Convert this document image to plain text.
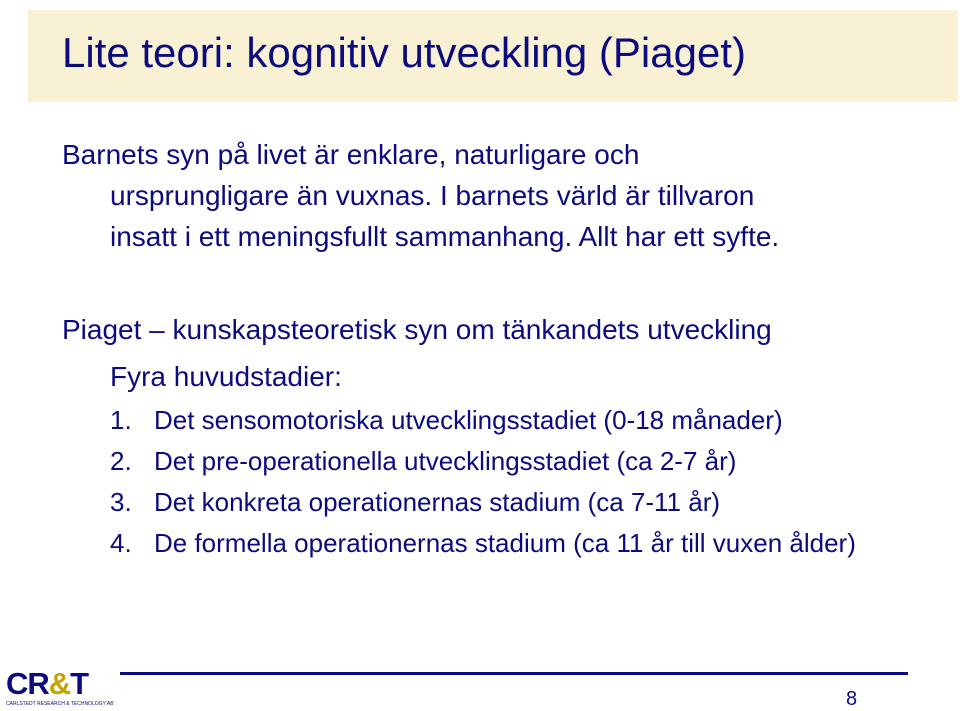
Lite teori: kognitiv utveckling (Piaget)

Barnets syn på livet är enklare, naturligare och
ursprungligare än vuxnas. I barnets värld är tillvaron
insatt i ett meningsfullt sammanhang. Allt har ett syfte.

Piaget – kunskapsteoretisk syn om tänkandets utveckling

Fyra huvudstadier:

1. Det sensomotoriska utvecklingsstadiet (0-18 månader)
2. Det pre-operationella utvecklingsstadiet (ca 2-7 år)
3. Det konkreta operationernas stadium (ca 7-11 år)
4. De formella operationernas stadium (ca 11 år till vuxen ålder)
CR&T
CARLSTEDT RESEARCH & TECHNOLOGY AB	8
